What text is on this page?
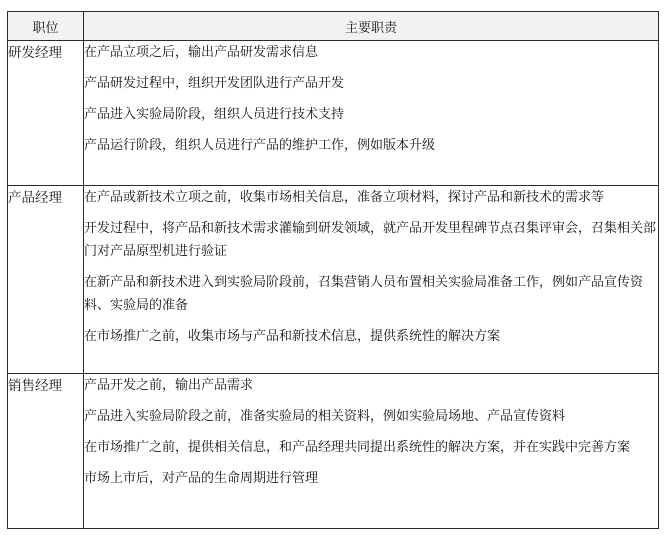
职位	主要职责
研发经理	在产品立项之后，输出产品研发需求信息

产品研发过程中，组织开发团队进行产品开发

产品进入实验局阶段，组织人员进行技术支持

产品运行阶段，组织人员进行产品的维护工作，例如版本升级

产品经理	在产品或新技术立项之前，收集市场相关信息，准备立项材料，探讨产品和新技术的需求等

开发过程中，将产品和新技术需求灌输到研发领域，就产品开发里程碑节点召集评审会，召集相关部门对产品原型机进行验证

在新产品和新技术进入到实验局阶段前，召集营销人员布置相关实验局准备工作，例如产品宣传资料、实验局的准备

在市场推广之前，收集市场与产品和新技术信息，提供系统性的解决方案

销售经理	产品开发之前，输出产品需求

产品进入实验局阶段之前，准备实验局的相关资料，例如实验局场地、产品宣传资料

在市场推广之前，提供相关信息，和产品经理共同提出系统性的解决方案，并在实践中完善方案

市场上市后，对产品的生命周期进行管理
